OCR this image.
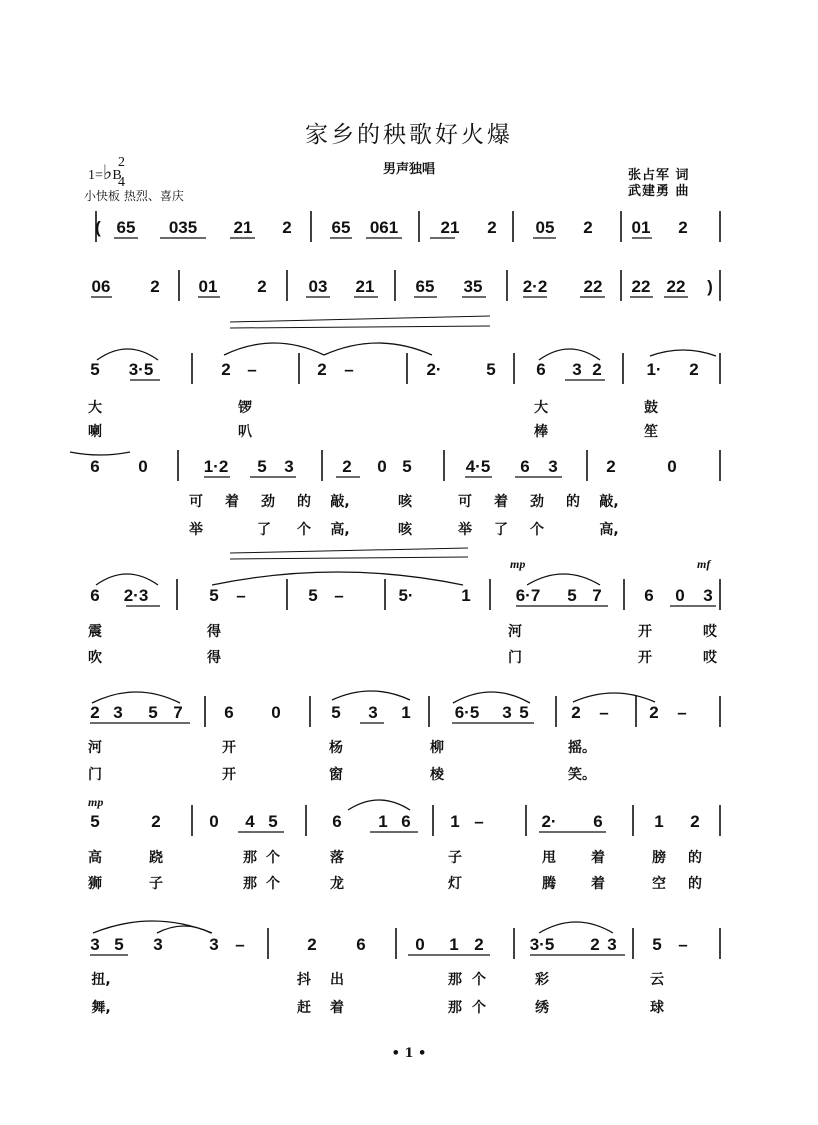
家乡的秧歌好火爆
男声独唱
1=♭B
2
4
小快板 热烈、喜庆
张占军 词
武建勇 曲
mp	mf
mp
( 65 035 21 2 65 061 21 2 05 2 01 2
06 2 01 2 03 21 65 35 2·2 22 22 22 )
5 3·5	2 –	2 –	2·	5 6 3 2	1· 2
大	锣	大	鼓
喇	叭	棒	笙
6 0	1·2 5 3	2 0 5	4·5 6 3	2	0
可 着 劲 的 敲,	咳	可 着 劲 的 敲,
举	了 个 高,	咳	举 了 个	高,
6 2·3	5 –	5 –	5·	1	6·7 5 7	6 0 3
震	得	河	开	哎
吹	得	门	开	哎
2 3 5 7 6 0	5 3 1	6·5 3 5	2 – 2 –
河	开	杨	柳	摇。
门	开	窗	棱	笑。
5	2	0 4 5	6 1 6 1 –	2· 6	1 2
高	跷	那 个	落	子	甩	着	膀 的
狮	子	那 个	龙	灯	腾	着	空 的
3 5 3	3 –	2 6	0 1 2	3·5 2 3 5 –
扭,	抖 出	那 个	彩	云
舞,	赶 着	那 个	绣	球
• 1 •
